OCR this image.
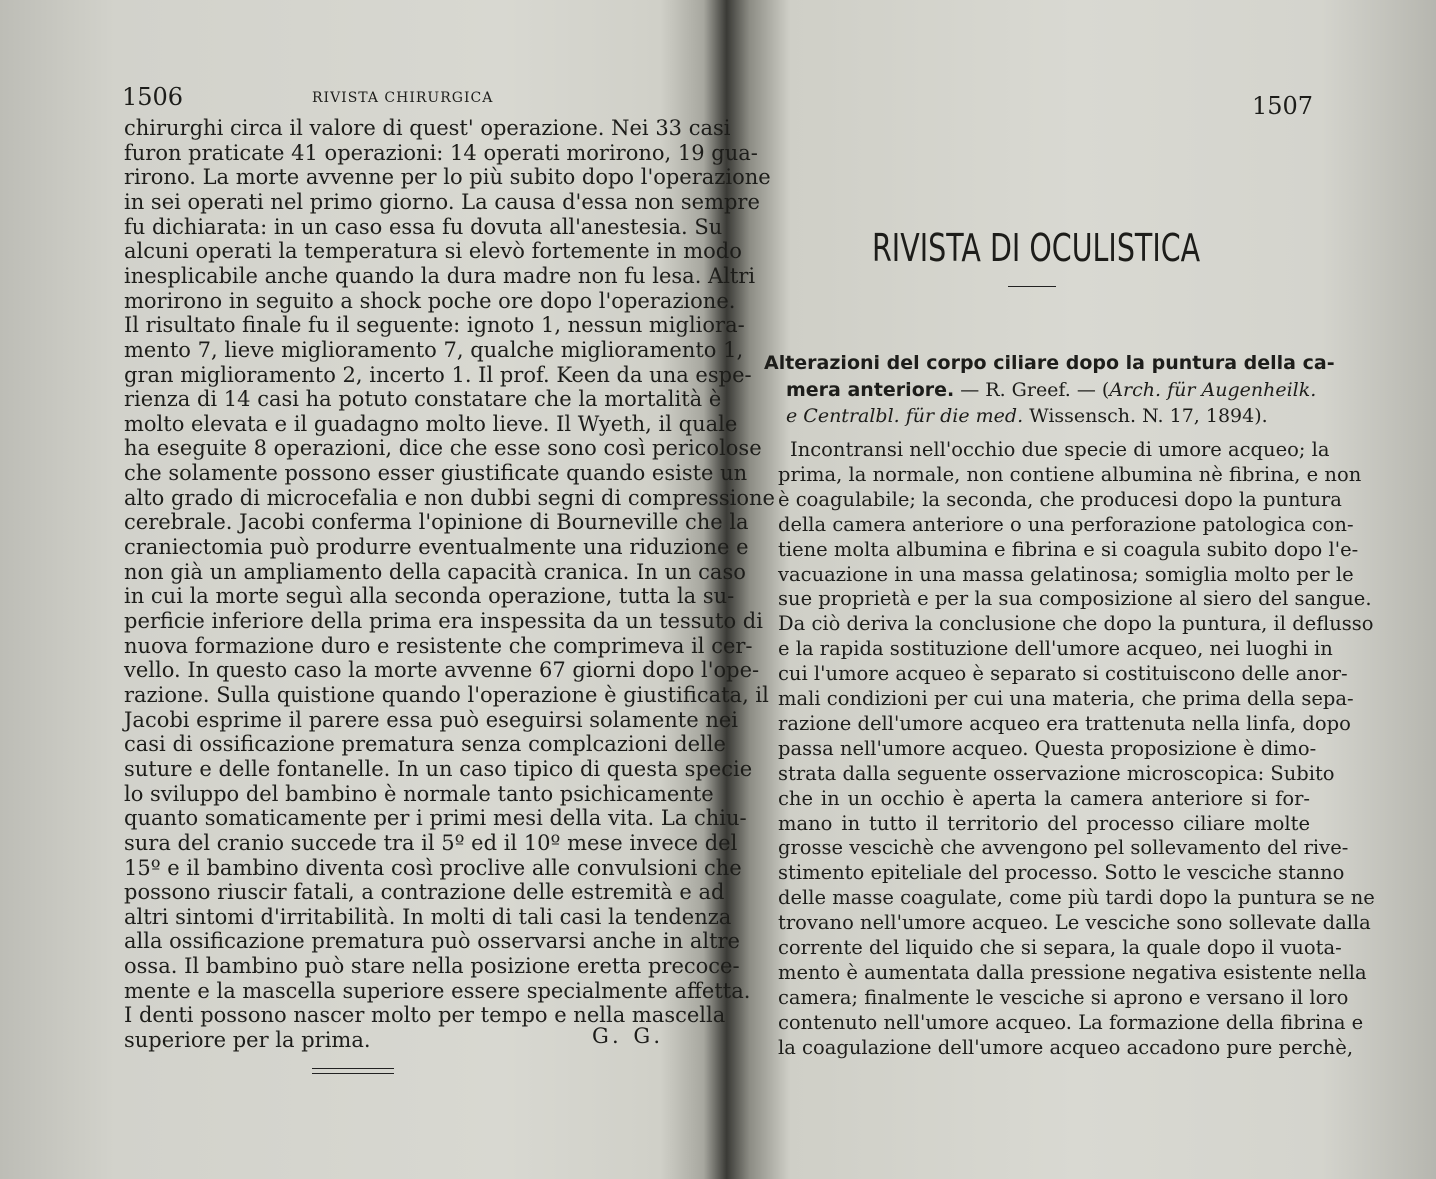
1506	RIVISTA CHIRURGICA
chirurghi circa il valore di quest' operazione. Nei 33 casi
furon praticate 41 operazioni: 14 operati morirono, 19 gua-
rirono. La morte avvenne per lo più subito dopo l'operazione
in sei operati nel primo giorno. La causa d'essa non sempre
fu dichiarata: in un caso essa fu dovuta all'anestesia. Su
alcuni operati la temperatura si elevò fortemente in modo
inesplicabile anche quando la dura madre non fu lesa. Altri
morirono in seguito a shock poche ore dopo l'operazione.
Il risultato finale fu il seguente: ignoto 1, nessun migliora-
mento 7, lieve miglioramento 7, qualche miglioramento 1,
gran miglioramento 2, incerto 1. Il prof. Keen da una espe-
rienza di 14 casi ha potuto constatare che la mortalità è
molto elevata e il guadagno molto lieve. Il Wyeth, il quale
ha eseguite 8 operazioni, dice che esse sono così pericolose
che solamente possono esser giustificate quando esiste un
alto grado di microcefalia e non dubbi segni di compressione
cerebrale. Jacobi conferma l'opinione di Bourneville che la
craniectomia può produrre eventualmente una riduzione e
non già un ampliamento della capacità cranica. In un caso
in cui la morte seguì alla seconda operazione, tutta la su-
perficie inferiore della prima era inspessita da un tessuto di
nuova formazione duro e resistente che comprimeva il cer-
vello. In questo caso la morte avvenne 67 giorni dopo l'ope-
razione. Sulla quistione quando l'operazione è giustificata, il
Jacobi esprime il parere essa può eseguirsi solamente nei
casi di ossificazione prematura senza complcazioni delle
suture e delle fontanelle. In un caso tipico di questa specie
lo sviluppo del bambino è normale tanto psichicamente
quanto somaticamente per i primi mesi della vita. La chiu-
sura del cranio succede tra il 5º ed il 10º mese invece del
15º e il bambino diventa così proclive alle convulsioni che
possono riuscir fatali, a contrazione delle estremità e ad
altri sintomi d'irritabilità. In molti di tali casi la tendenza
alla ossificazione prematura può osservarsi anche in altre
ossa. Il bambino può stare nella posizione eretta precoce-
mente e la mascella superiore essere specialmente affetta.
I denti possono nascer molto per tempo e nella mascella
superiore per la prima.	G. G.
1507
RIVISTA DI OCULISTICA
Alterazioni del corpo ciliare dopo la puntura della ca-
mera anteriore. — R. Greef. — (Arch. für Augenheilk.
e Centralbl. für die med. Wissensch. N. 17, 1894).
Incontransi nell'occhio due specie di umore acqueo; la
prima, la normale, non contiene albumina nè fibrina, e non
è coagulabile; la seconda, che producesi dopo la puntura
della camera anteriore o una perforazione patologica con-
tiene molta albumina e fibrina e si coagula subito dopo l'e-
vacuazione in una massa gelatinosa; somiglia molto per le
sue proprietà e per la sua composizione al siero del sangue.
Da ciò deriva la conclusione che dopo la puntura, il deflusso
e la rapida sostituzione dell'umore acqueo, nei luoghi in
cui l'umore acqueo è separato si costituiscono delle anor-
mali condizioni per cui una materia, che prima della sepa-
razione dell'umore acqueo era trattenuta nella linfa, dopo
passa nell'umore acqueo. Questa proposizione è dimo-
strata dalla seguente osservazione microscopica: Subito
che in un occhio è aperta la camera anteriore si for-
mano in tutto il territorio del processo ciliare molte
grosse vescichè che avvengono pel sollevamento del rive-
stimento epiteliale del processo. Sotto le vesciche stanno
delle masse coagulate, come più tardi dopo la puntura se ne
trovano nell'umore acqueo. Le vesciche sono sollevate dalla
corrente del liquido che si separa, la quale dopo il vuota-
mento è aumentata dalla pressione negativa esistente nella
camera; finalmente le vesciche si aprono e versano il loro
contenuto nell'umore acqueo. La formazione della fibrina e
la coagulazione dell'umore acqueo accadono pure perchè,
